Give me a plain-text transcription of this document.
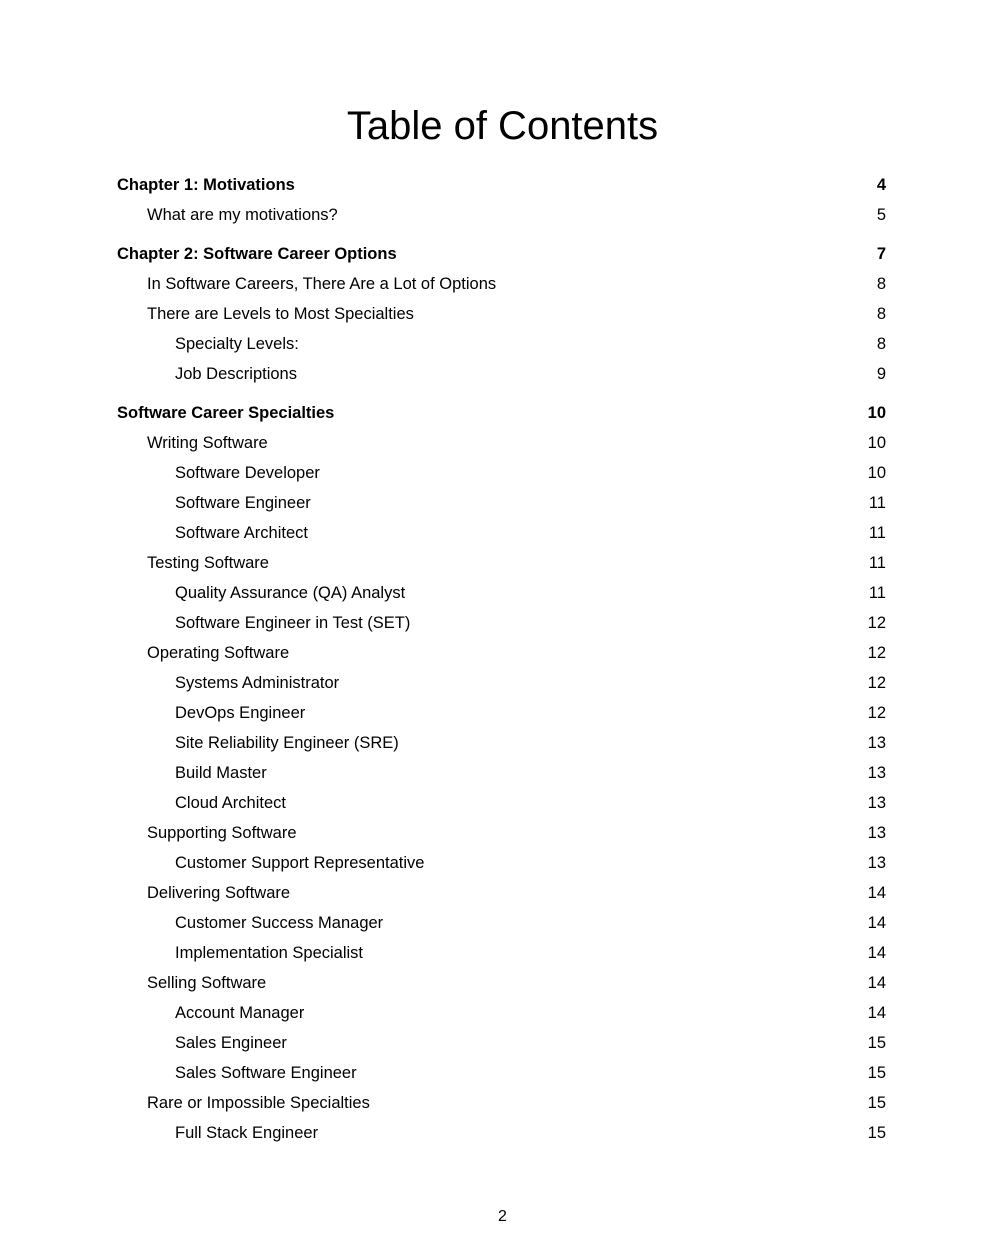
Table of Contents
Chapter 1: Motivations	4
What are my motivations?	5
Chapter 2: Software Career Options	7
In Software Careers, There Are a Lot of Options	8
There are Levels to Most Specialties	8
Specialty Levels:	8
Job Descriptions	9
Software Career Specialties	10
Writing Software	10
Software Developer	10
Software Engineer	11
Software Architect	11
Testing Software	11
Quality Assurance (QA) Analyst	11
Software Engineer in Test (SET)	12
Operating Software	12
Systems Administrator	12
DevOps Engineer	12
Site Reliability Engineer (SRE)	13
Build Master	13
Cloud Architect	13
Supporting Software	13
Customer Support Representative	13
Delivering Software	14
Customer Success Manager	14
Implementation Specialist	14
Selling Software	14
Account Manager	14
Sales Engineer	15
Sales Software Engineer	15
Rare or Impossible Specialties	15
Full Stack Engineer	15
2
